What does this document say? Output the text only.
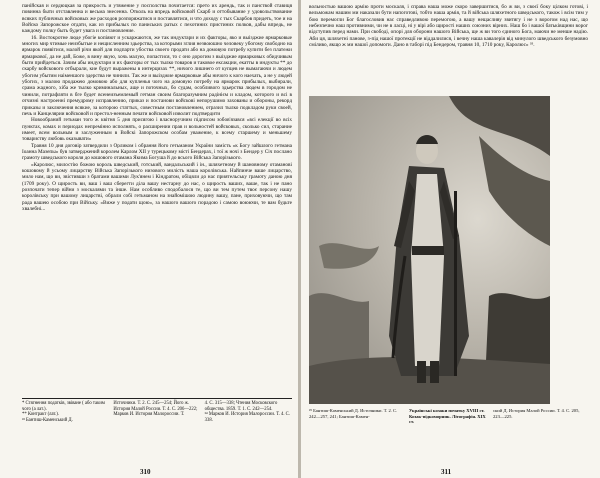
панійская и сердюцкая за прикрость и утяжение у посполства почитается: прето их арендь, так и панствой ставиця повинна быти отставленна и весьма знесенна. Отколь на впредь войсковой Скарб и оттобывание у удовольствование всяких публичных войсковых же расходов розпоряжатися и поставлятися, и что доходу с тых Скарбов придеть, тое и на Войско Запорожское отдати, как из прибылых по паниських ратых с пехотиних пристиних полков, дабы впредь, не каждому полку быть будет увага и постановление.

16. Востокротне люде убогіе копіяют и ускаржаются, же так индуктари и их факторы, яко и выізджие ярмарковые многих мир чтимые неизбытые и нещисленним здьерства, за которыми зглия незвоюшно человеку убогому свободно на ярмарок появітися, малой річи якой для подпарти убоства своего продати або на домовую потребу купити без платежи ярмаркової, да не дай, Боже, в вину якую, хочь малую, попастися, то с оно дорогим з выізджие ярмарковых обидчивым быти прийдеться. Зачим абы индуктари и их факторы от тых тылко товаров и таковое ексакции, екатты в индукты ** до скарбу войскового отбырали, кие будут выражены в интерцизах **, ничого лишнего от купцев не вымагаючи и людем убогим убытим наіменшого здерства не чинили. Так же и выізджие ярмарковые абы ничого к кого наехать, а не у людей убогих, з малою продажею домовою або для купленья чого на домовую потребу на ярмарок прибылых, выбирали, срама жадного, хіба же тылко криминальных, аще и поточных, бо судам, особливого здьерства людем в городом не чинили, потрафляти в бге будет всенеизъемлемый гетман своим благоразумним радінієм и кладом, которого и всі в отчизні настроенні премудрому исправлению, приказ и постанови войскові непорушимо захованы и обороны, рекорд приказы и заключения всякие, за которою статтых, совестным постановлением, отразил тылко подкладом руки своей, печь и Канцелярии войсковой и престол-ненным печати войсковой изволит подтвердити

Новообраний гетьман того ж квітня 5 дня присягою і власноручним підписом зобов'язався «всі елекції во всіх пунктах, комах и периодах непремінно исполнять, о расширении прав и вольностей войсковых, сколько сил, старание имеет, всем вольным и заслуженным в Войскі Запорожском особам уважение, к всему старшему и меньшему товариству любовь оказывати»

Травня 10 дня договір затвердили з Орликом і обрання його гетьманом України замість «к Богу зайшлого гетмана Іоанна Мазепы» був затверджений королем Карлом XII у турецькому місті Бендерах, і тої ж ночі з Бендер у Січ послано грамоту шведського короля до кошового отамана Якима Богуша й до всього Війська Запорізького.

«Каролюс, милостію божою король шведський, готський, вандальський і ін., шляхетному й шановному отаманові кошовому й усьому лицарству Війська Запорізького низового милість наша королівська. Найпинче ваше лицарство, мило нам, що ви, звістивши з братами вашими Лук'янем і Кіндратом, обіцяли до нас приятельську грамоту даною дня (1709 року). О щирость ви, ваш і ваш сберегти діла вашу нестарну до нас, о щирость ваших, ваше, так і не пано розпочати тепер війни з москалями та інше. Нам особливо сподобалося те, що ви тем путем твоє персону нашу королівську при вашому лицарстві, обрали собі гетьманом на знайомішою людину вашу, пане, приховуючи, що там рада вашею особою при Війську. «Виже у подати щою», за нашого вашого порадою і самою воюючи, те вам будьте хвалебні...

* Стягнення податків, звіване ( або таким чого (а лат.).
** Контракт (лат.).
³³ Бантиш-Каменський Д.
Источники. Т. 2. С. 245—254; Його ж. История Малой России. Т. 4. С. 206—222; Марков И. История Малороссии. Т.
4. С. 315—338; Чтения Московского общества. 1859. Т. 1. С. 242—254.
³⁴ Марков И. История Малороссии. Т. 4. С. 338.
310

вольностью вашою армію проти москаля, і справа наша може скоро завершитися, бо ж ви, з своєї боку цілком готові, і вельможам нашим ми наказали бути напоготові, тобто наша армія, та й війська шляхетного шведського, також і всім тим у бою перемогли Бог благословив нас справедливою перемогою, а вашу нещасливу звитягу і не з ворогом над нас, що небезпечно наш противними, чи не в ласці, ні у вірі або щирості наших союзних вірних. Наш бо і вашої батьківщини ворог відступив перед нами. При свободі, опорі для оборони нашого Війська, ще ж ви того єдиного Бога, маючи не менше надію. Аби ця, шляхетні панове, з-під нашої протекції не віддалилися, і вечну наша кавалерія від минулого шведського безумовно сміливо, якщо ж ми нашої допомоги. Дано в таборі під Бендером, травня 10, 1710 року, Каролюс» ³⁵.

³⁵ Бантиш-Каменський Д. Источники. Т. 2. С. 242—257, 241; Бантиш-Камен-
Українські козаки початку XVIII ст. Козак-підкоморник. Літографія. XIX ст.
ский Д. История Малой России. Т. 4. С. 205, 223—225.
311
